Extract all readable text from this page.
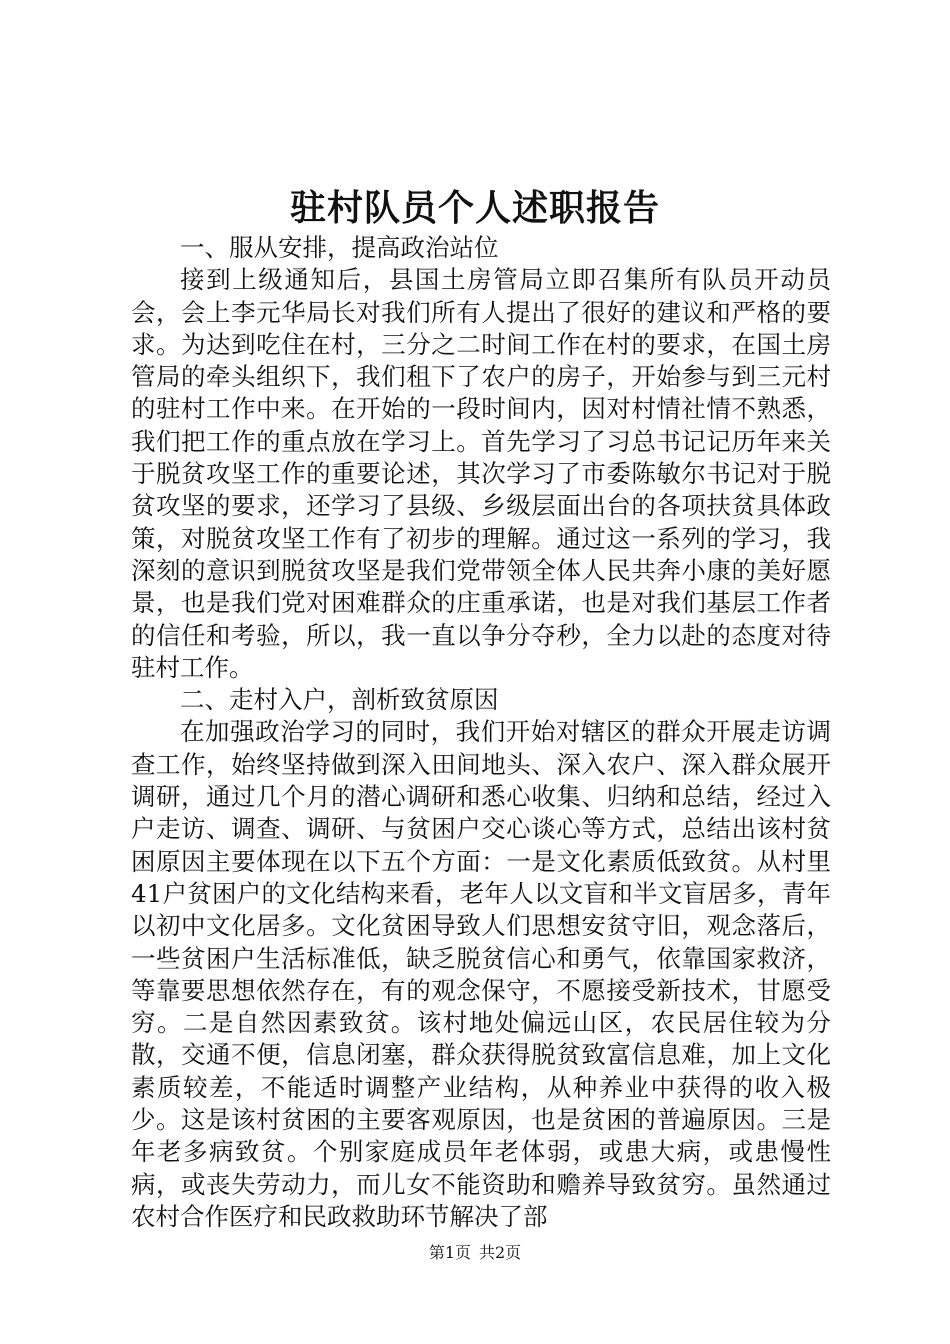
驻村队员个人述职报告

一、服从安排，提高政治站位

接到上级通知后，县国土房管局立即召集所有队员开动员会，会上李元华局长对我们所有人提出了很好的建议和严格的要求。为达到吃住在村，三分之二时间工作在村的要求，在国土房管局的牵头组织下，我们租下了农户的房子，开始参与到三元村的驻村工作中来。在开始的一段时间内，因对村情社情不熟悉，我们把工作的重点放在学习上。首先学习了习总书记记历年来关于脱贫攻坚工作的重要论述，其次学习了市委陈敏尔书记对于脱贫攻坚的要求，还学习了县级、乡级层面出台的各项扶贫具体政策，对脱贫攻坚工作有了初步的理解。通过这一系列的学习，我深刻的意识到脱贫攻坚是我们党带领全体人民共奔小康的美好愿景，也是我们党对困难群众的庄重承诺，也是对我们基层工作者的信任和考验，所以，我一直以争分夺秒，全力以赴的态度对待驻村工作。

二、走村入户，剖析致贫原因

在加强政治学习的同时，我们开始对辖区的群众开展走访调查工作，始终坚持做到深入田间地头、深入农户、深入群众展开调研，通过几个月的潜心调研和悉心收集、归纳和总结，经过入户走访、调查、调研、与贫困户交心谈心等方式，总结出该村贫困原因主要体现在以下五个方面：一是文化素质低致贫。从村里41户贫困户的文化结构来看，老年人以文盲和半文盲居多，青年以初中文化居多。文化贫困导致人们思想安贫守旧，观念落后，一些贫困户生活标准低，缺乏脱贫信心和勇气，依靠国家救济，等靠要思想依然存在，有的观念保守，不愿接受新技术，甘愿受穷。二是自然因素致贫。该村地处偏远山区，农民居住较为分散，交通不便，信息闭塞，群众获得脱贫致富信息难，加上文化素质较差，不能适时调整产业结构，从种养业中获得的收入极少。这是该村贫困的主要客观原因，也是贫困的普遍原因。三是年老多病致贫。个别家庭成员年老体弱，或患大病，或患慢性病，或丧失劳动力，而儿女不能资助和赡养导致贫穷。虽然通过农村合作医疗和民政救助环节解决了部

第1页 共2页
